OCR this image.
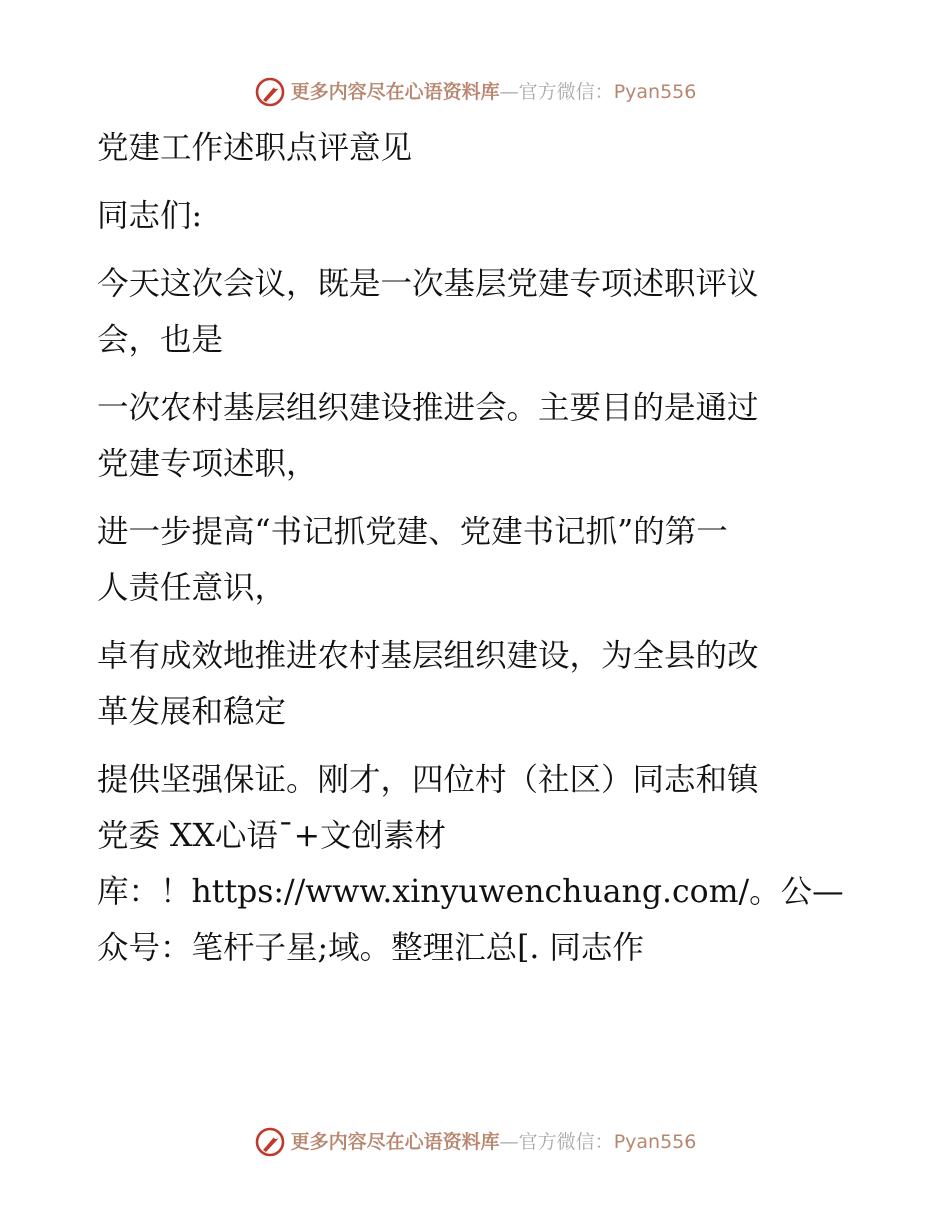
更多内容尽在心语资料库 —官方微信： Pyan556
党建工作述职点评意见
同志们:
今天这次会议，既是一次基层党建专项述职评议
会，也是
一次农村基层组织建设推进会。主要目的是通过
党建专项述职，
进一步提高“书记抓党建、党建书记抓”的第一
人责任意识，
卓有成效地推进农村基层组织建设，为全县的改
革发展和稳定
提供坚强保证。刚才，四位村（社区）同志和镇
党委 XX心语¯+文创素材
库：！https://www.xinyuwenchuang.com/。公—
众号：笔杆子星;域。整理汇总[. 同志作
更多内容尽在心语资料库 —官方微信： Pyan556
